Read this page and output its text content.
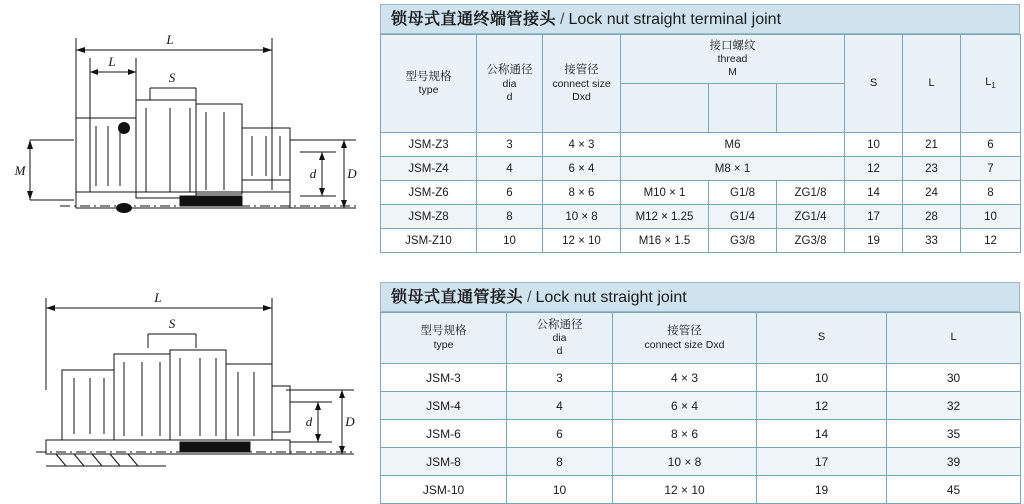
L
L
S
M	d D
L
S
d	D
锁母式直通终端管接头 / Lock nut straight terminal joint
型号规格
type	公称通径
dia
d	接管径
connect size
Dxd	接口螺纹
thread
M			S	L	$L_1$

JSM-Z3	3	4 × 3	M6			10	21	6
JSM-Z4	4	6 × 4	M8 × 1			12	23	7
JSM-Z6	6	8 × 6	M10 × 1	G1/8	ZG1/8	14	24	8
JSM-Z8	8	10 × 8	M12 × 1.25	G1/4	ZG1/4	17	28	10
JSM-Z10	10	12 × 10	M16 × 1.5	G3/8	ZG3/8	19	33	12
锁母式直通管接头 / Lock nut straight joint
型号规格
type	公称通径
dia
d	接管径
connect size Dxd	S	L
JSM-3	3	4 × 3	10	30
JSM-4	4	6 × 4	12	32
JSM-6	6	8 × 6	14	35
JSM-8	8	10 × 8	17	39
JSM-10	10	12 × 10	19	45
